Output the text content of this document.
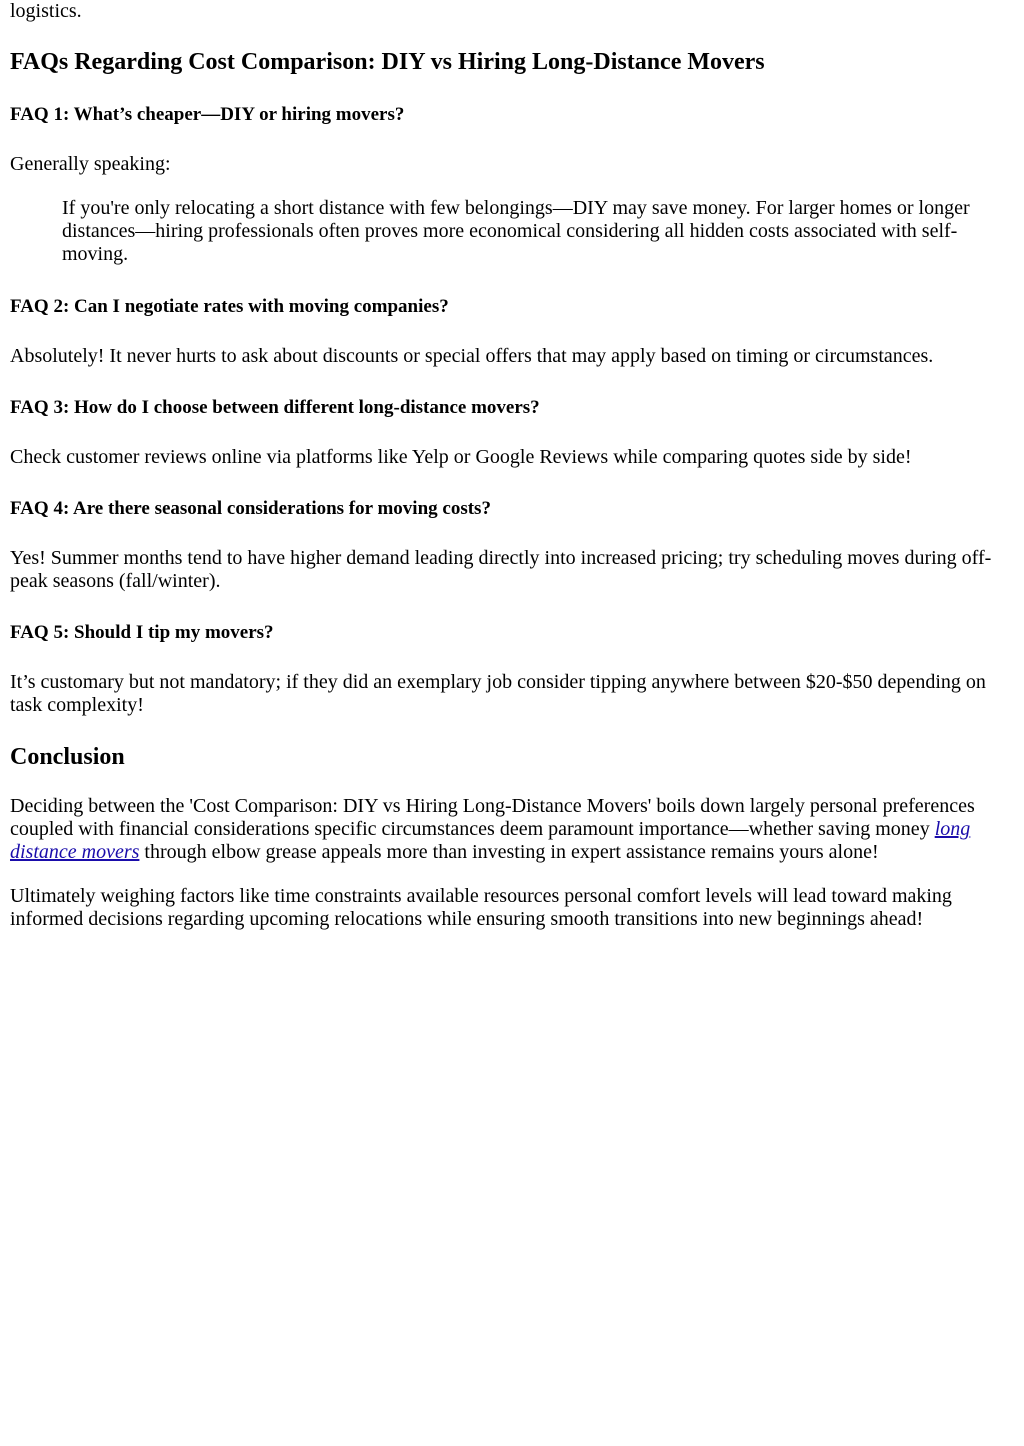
logistics.

FAQs Regarding Cost Comparison: DIY vs Hiring Long-Distance Movers
FAQ 1: What’s cheaper—DIY or hiring movers?

Generally speaking:

If you're only relocating a short distance with few belongings—DIY may save money. For larger homes or longer distances—hiring professionals often proves more economical considering all hidden costs associated with self-moving.

FAQ 2: Can I negotiate rates with moving companies?

Absolutely! It never hurts to ask about discounts or special offers that may apply based on timing or circumstances.

FAQ 3: How do I choose between different long-distance movers?

Check customer reviews online via platforms like Yelp or Google Reviews while comparing quotes side by side!

FAQ 4: Are there seasonal considerations for moving costs?

Yes! Summer months tend to have higher demand leading directly into increased pricing; try scheduling moves during off-peak seasons (fall/winter).

FAQ 5: Should I tip my movers?

It’s customary but not mandatory; if they did an exemplary job consider tipping anywhere between $20-$50 depending on task complexity!

Conclusion

Deciding between the 'Cost Comparison: DIY vs Hiring Long-Distance Movers' boils down largely personal preferences coupled with financial considerations specific circumstances deem paramount importance—whether saving money long distance movers through elbow grease appeals more than investing in expert assistance remains yours alone!

Ultimately weighing factors like time constraints available resources personal comfort levels will lead toward making informed decisions regarding upcoming relocations while ensuring smooth transitions into new beginnings ahead!
